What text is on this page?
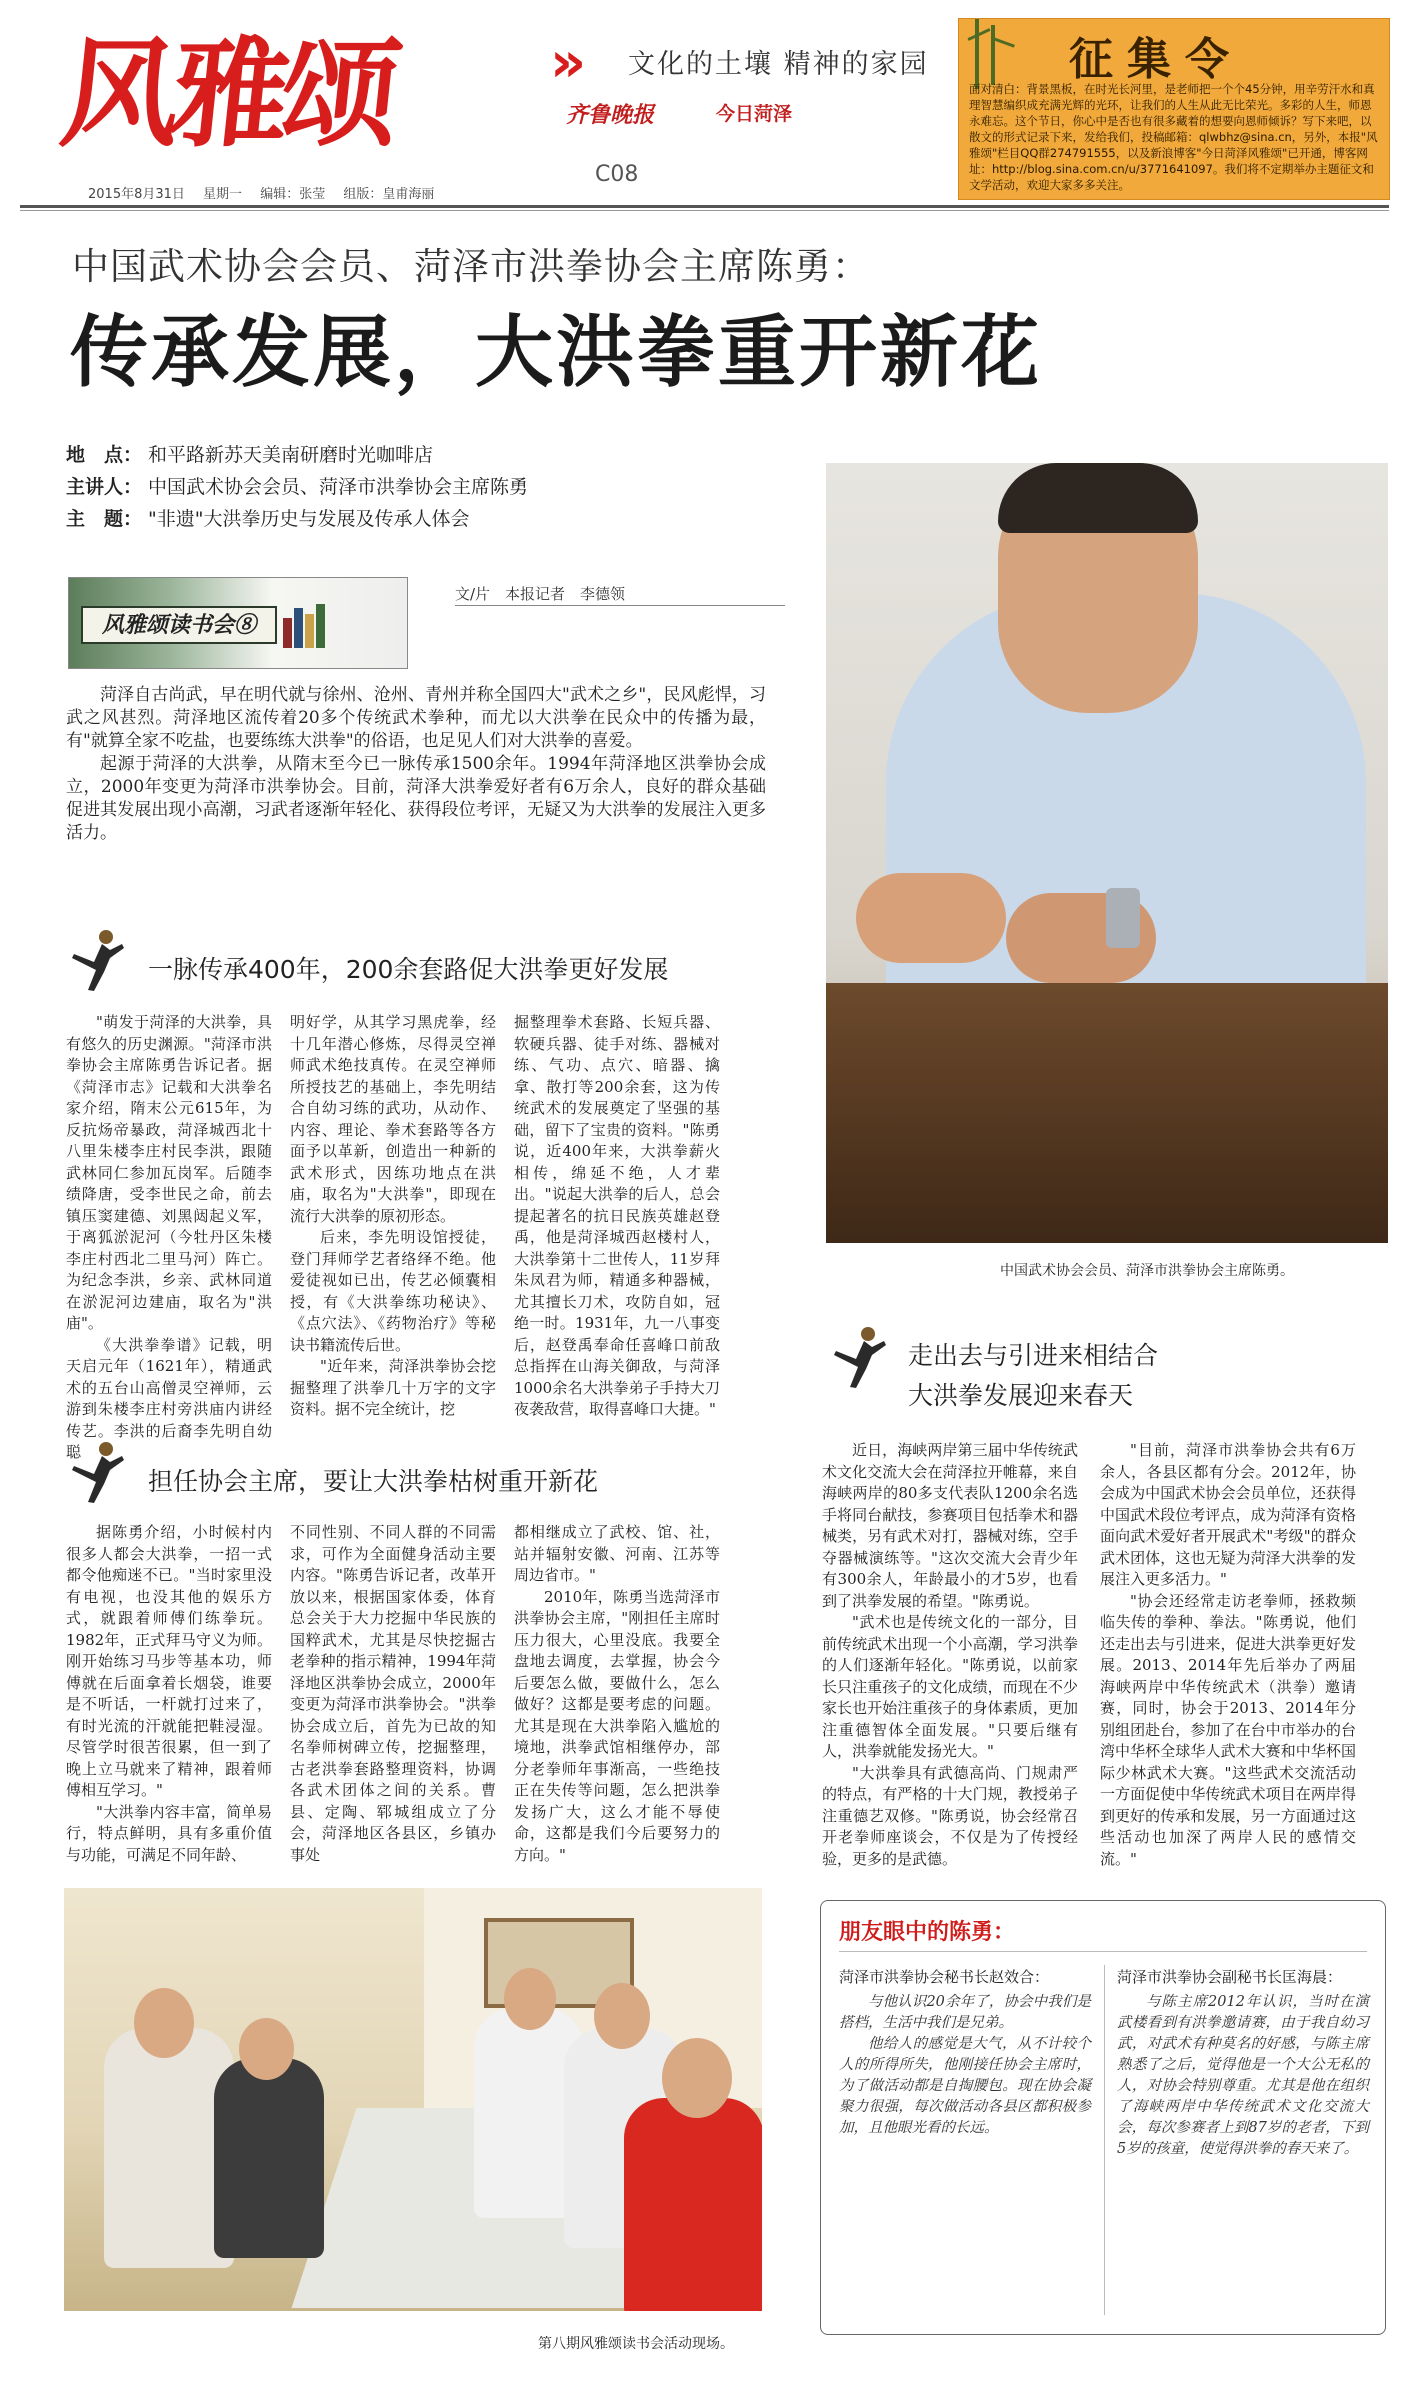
风雅颂	» 文化的土壤 精神的家园
齐鲁晚报	今日菏泽
C08
2015年8月31日 星期一 编辑：张莹 组版：皇甫海丽
征集令
面对清白：背景黑板，在时光长河里，是老师把一个个45分钟，用辛劳汗水和真理智慧编织成充满光辉的光环，让我们的人生从此无比荣光。多彩的人生，师恩永难忘。这个节日，你心中是否也有很多藏着的想要向恩师倾诉？写下来吧，以散文的形式记录下来，发给我们，投稿邮箱：qlwbhz@sina.cn，另外，本报"风雅颂"栏目QQ群274791555，以及新浪博客"今日菏泽风雅颂"已开通，博客网址：http://blog.sina.com.cn/u/3771641097。我们将不定期举办主题征文和文学活动，欢迎大家多多关注。
中国武术协会会员、菏泽市洪拳协会主席陈勇：
传承发展，大洪拳重开新花
地　点： 和平路新苏天美南研磨时光咖啡店
主讲人： 中国武术协会会员、菏泽市洪拳协会主席陈勇
主　题： "非遗"大洪拳历史与发展及传承人体会
风雅颂读书会⑧
文/片　本报记者　李德领

菏泽自古尚武，早在明代就与徐州、沧州、青州并称全国四大"武术之乡"，民风彪悍，习武之风甚烈。菏泽地区流传着20多个传统武术拳种，而尤以大洪拳在民众中的传播为最，有"就算全家不吃盐，也要练练大洪拳"的俗语，也足见人们对大洪拳的喜爱。

起源于菏泽的大洪拳，从隋末至今已一脉传承1500余年。1994年菏泽地区洪拳协会成立，2000年变更为菏泽市洪拳协会。目前，菏泽大洪拳爱好者有6万余人，良好的群众基础促进其发展出现小高潮，习武者逐渐年轻化、获得段位考评，无疑又为大洪拳的发展注入更多活力。

中国武术协会会员、菏泽市洪拳协会主席陈勇。
一脉传承400年，200余套路促大洪拳更好发展

"萌发于菏泽的大洪拳，具有悠久的历史渊源。"菏泽市洪拳协会主席陈勇告诉记者。据《菏泽市志》记载和大洪拳名家介绍，隋末公元615年，为反抗炀帝暴政，菏泽城西北十八里朱楼李庄村民李洪，跟随武林同仁参加瓦岗军。后随李绩降唐，受李世民之命，前去镇压窦建德、刘黑闼起义军，于离狐淤泥河（今牡丹区朱楼李庄村西北二里马河）阵亡。为纪念李洪，乡亲、武林同道在淤泥河边建庙，取名为"洪庙"。

《大洪拳拳谱》记载，明天启元年（1621年），精通武术的五台山高僧灵空禅师，云游到朱楼李庄村旁洪庙内讲经传艺。李洪的后裔李先明自幼聪

明好学，从其学习黑虎拳，经十几年潜心修炼，尽得灵空禅师武术绝技真传。在灵空禅师所授技艺的基础上，李先明结合自幼习练的武功，从动作、内容、理论、拳术套路等各方面予以革新，创造出一种新的武术形式，因练功地点在洪庙，取名为"大洪拳"，即现在流行大洪拳的原初形态。

后来，李先明设馆授徒，登门拜师学艺者络绎不绝。他爱徒视如已出，传艺必倾囊相授，有《大洪拳练功秘诀》、《点穴法》、《药物治疗》等秘诀书籍流传后世。

"近年来，菏泽洪拳协会挖掘整理了洪拳几十万字的文字资料。据不完全统计，挖

掘整理拳术套路、长短兵器、软硬兵器、徒手对练、器械对练、气功、点穴、暗器、擒拿、散打等200余套，这为传统武术的发展奠定了坚强的基础，留下了宝贵的资料。"陈勇说，近400年来，大洪拳薪火相传，绵延不绝，人才辈出。"说起大洪拳的后人，总会提起著名的抗日民族英雄赵登禹，他是菏泽城西赵楼村人，大洪拳第十二世传人，11岁拜朱凤君为师，精通多种器械，尤其擅长刀术，攻防自如，冠绝一时。1931年，九一八事变后，赵登禹奉命任喜峰口前敌总指挥在山海关御敌，与菏泽1000余名大洪拳弟子手持大刀夜袭敌营，取得喜峰口大捷。"

担任协会主席，要让大洪拳枯树重开新花

据陈勇介绍，小时候村内很多人都会大洪拳，一招一式都令他痴迷不已。"当时家里没有电视，也没其他的娱乐方式，就跟着师傅们练拳玩。1982年，正式拜马守义为师。刚开始练习马步等基本功，师傅就在后面拿着长烟袋，谁要是不听话，一杆就打过来了，有时光流的汗就能把鞋浸湿。尽管学时很苦很累，但一到了晚上立马就来了精神，跟着师傅相互学习。"

"大洪拳内容丰富，简单易行，特点鲜明，具有多重价值与功能，可满足不同年龄、

不同性别、不同人群的不同需求，可作为全面健身活动主要内容。"陈勇告诉记者，改革开放以来，根据国家体委，体育总会关于大力挖掘中华民族的国粹武术，尤其是尽快挖掘古老拳种的指示精神，1994年菏泽地区洪拳协会成立，2000年变更为菏泽市洪拳协会。"洪拳协会成立后，首先为已故的知名拳师树碑立传，挖掘整理，古老洪拳套路整理资料，协调各武术团体之间的关系。曹县、定陶、郓城组成立了分会，菏泽地区各县区，乡镇办事处

都相继成立了武校、馆、社，站并辐射安徽、河南、江苏等周边省市。"

2010年，陈勇当选菏泽市洪拳协会主席，"刚担任主席时压力很大，心里没底。我要全盘地去调度，去掌握，协会今后要怎么做，要做什么，怎么做好？这都是要考虑的问题。尤其是现在大洪拳陷入尴尬的境地，洪拳武馆相继停办，部分老拳师年事渐高，一些绝技正在失传等问题，怎么把洪拳发扬广大，这么才能不辱使命，这都是我们今后要努力的方向。"

走出去与引进来相结合
大洪拳发展迎来春天

近日，海峡两岸第三届中华传统武术文化交流大会在菏泽拉开帷幕，来自海峡两岸的80多支代表队1200余名选手将同台献技，参赛项目包括拳术和器械类，另有武术对打，器械对练，空手夺器械演练等。"这次交流大会青少年有300余人，年龄最小的才5岁，也看到了洪拳发展的希望。"陈勇说。

"武术也是传统文化的一部分，目前传统武术出现一个小高潮，学习洪拳的人们逐渐年轻化。"陈勇说，以前家长只注重孩子的文化成绩，而现在不少家长也开始注重孩子的身体素质，更加注重德智体全面发展。"只要后继有人，洪拳就能发扬光大。"

"大洪拳具有武德高尚、门规肃严的特点，有严格的十大门规，教授弟子注重德艺双修。"陈勇说，协会经常召开老拳师座谈会，不仅是为了传授经验，更多的是武德。

"目前，菏泽市洪拳协会共有6万余人，各县区都有分会。2012年，协会成为中国武术协会会员单位，还获得中国武术段位考评点，成为菏泽有资格面向武术爱好者开展武术"考级"的群众武术团体，这也无疑为菏泽大洪拳的发展注入更多活力。"

"协会还经常走访老拳师，拯救频临失传的拳种、拳法。"陈勇说，他们还走出去与引进来，促进大洪拳更好发展。2013、2014年先后举办了两届海峡两岸中华传统武术（洪拳）邀请赛，同时，协会于2013、2014年分别组团赴台，参加了在台中市举办的台湾中华杯全球华人武术大赛和中华杯国际少林武术大赛。"这些武术交流活动一方面促使中华传统武术项目在两岸得到更好的传承和发展，另一方面通过这些活动也加深了两岸人民的感情交流。"

第八期风雅颂读书会活动现场。
朋友眼中的陈勇：
菏泽市洪拳协会秘书长赵效合：

与他认识20余年了，协会中我们是搭档，生活中我们是兄弟。

他给人的感觉是大气，从不计较个人的所得所失，他刚接任协会主席时，为了做活动都是自掏腰包。现在协会凝聚力很强，每次做活动各县区都积极参加，且他眼光看的长远。

菏泽市洪拳协会副秘书长匡海晨：

与陈主席2012年认识，当时在演武楼看到有洪拳邀请赛，由于我自幼习武，对武术有种莫名的好感，与陈主席熟悉了之后，觉得他是一个大公无私的人，对协会特别尊重。尤其是他在组织了海峡两岸中华传统武术文化交流大会，每次参赛者上到87岁的老者，下到5岁的孩童，使觉得洪拳的春天来了。
